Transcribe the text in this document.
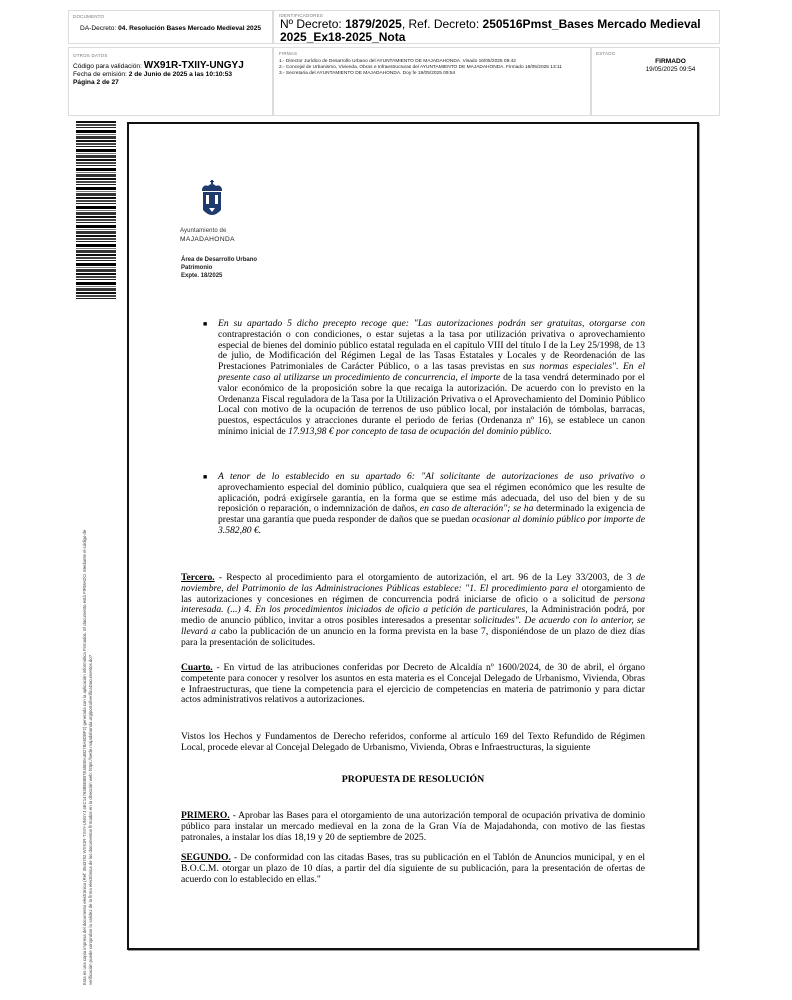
DOCUMENTO
DA-Decreto: 04. Resolución Bases Mercado Medieval 2025
IDENTIFICADORES
Nº Decreto: 1879/2025, Ref. Decreto: 250516Pmst_Bases Mercado Medieval 2025_Ex18-2025_Nota
OTROS DATOS
Código para validación: WX91R-TXIIY-UNGYJ
Fecha de emisión: 2 de Junio de 2025 a las 10:10:53
Página 2 de 27
FIRMAS
1.- Director Jurídico de Desarrollo Urbano del AYUNTAMIENTO DE MAJADAHONDA. Visado 16/05/2025 09:42
2.- Concejal de Urbanismo, Vivienda, Obras e Infraestructuras del AYUNTAMIENTO DE MAJADAHONDA. Firmado 18/05/2025 13:11
3.- Secretaria del AYUNTAMIENTO DE MAJADAHONDA. Doy fe 19/05/2025 09:54
ESTADO
FIRMADO
19/05/2025 09:54
Esta es una copia impresa del documento electrónico (Ref: 3543752 WX91R-TXIIY-UNGYJ 4EC14763B5E8B7E45EBA4B27BA8DBF2) generada con la aplicación informática Firmadoc. El documento está FIRMADO. Mediante el código de verificación puede comprobar la validez de la firma electrónica de los documentos firmados en la dirección web: https://sede.majadahonda.org/portal/verificaDocumentos.do?
Ayuntamiento de
MAJADAHONDA
Área de Desarrollo Urbano
Patrimonio
Expte. 18/2025
■ En su apartado 5 dicho precepto recoge que: "Las autorizaciones podrán ser gratuitas, otorgarse con contraprestación o con condiciones, o estar sujetas a la tasa por utilización privativa o aprovechamiento especial de bienes del dominio público estatal regulada en el capítulo VIII del título I de la Ley 25/1998, de 13 de julio, de Modificación del Régimen Legal de las Tasas Estatales y Locales y de Reordenación de las Prestaciones Patrimoniales de Carácter Público, o a las tasas previstas en sus normas especiales". En el presente caso al utilizarse un procedimiento de concurrencia, el importe de la tasa vendrá determinado por el valor económico de la proposición sobre la que recaiga la autorización. De acuerdo con lo previsto en la Ordenanza Fiscal reguladora de la Tasa por la Utilización Privativa o el Aprovechamiento del Dominio Público Local con motivo de la ocupación de terrenos de uso público local, por instalación de tómbolas, barracas, puestos, espectáculos y atracciones durante el periodo de ferias (Ordenanza nº 16), se establece un canon mínimo inicial de 17.913,98 € por concepto de tasa de ocupación del dominio público.
■ A tenor de lo establecido en su apartado 6: "Al solicitante de autorizaciones de uso privativo o aprovechamiento especial del dominio público, cualquiera que sea el régimen económico que les resulte de aplicación, podrá exigírsele garantía, en la forma que se estime más adecuada, del uso del bien y de su reposición o reparación, o indemnización de daños, en caso de alteración"; se ha determinado la exigencia de prestar una garantía que pueda responder de daños que se puedan ocasionar al dominio público por importe de 3.582,80 €.
Tercero. - Respecto al procedimiento para el otorgamiento de autorización, el art. 96 de la Ley 33/2003, de 3 de noviembre, del Patrimonio de las Administraciones Públicas establece: "1. El procedimiento para el otorgamiento de las autorizaciones y concesiones en régimen de concurrencia podrá iniciarse de oficio o a solicitud de persona interesada. (...) 4. En los procedimientos iniciados de oficio a petición de particulares, la Administración podrá, por medio de anuncio público, invitar a otros posibles interesados a presentar solicitudes". De acuerdo con lo anterior, se llevará a cabo la publicación de un anuncio en la forma prevista en la base 7, disponiéndose de un plazo de diez días para la presentación de solicitudes.
Cuarto. - En virtud de las atribuciones conferidas por Decreto de Alcaldía nº 1600/2024, de 30 de abril, el órgano competente para conocer y resolver los asuntos en esta materia es el Concejal Delegado de Urbanismo, Vivienda, Obras e Infraestructuras, que tiene la competencia para el ejercicio de competencias en materia de patrimonio y para dictar actos administrativos relativos a autorizaciones.
Vistos los Hechos y Fundamentos de Derecho referidos, conforme al artículo 169 del Texto Refundido de Régimen Local, procede elevar al Concejal Delegado de Urbanismo, Vivienda, Obras e Infraestructuras, la siguiente
PROPUESTA DE RESOLUCIÓN
PRIMERO. - Aprobar las Bases para el otorgamiento de una autorización temporal de ocupación privativa de dominio público para instalar un mercado medieval en la zona de la Gran Vía de Majadahonda, con motivo de las fiestas patronales, a instalar los días 18,19 y 20 de septiembre de 2025.
SEGUNDO. - De conformidad con las citadas Bases, tras su publicación en el Tablón de Anuncios municipal, y en el B.O.C.M. otorgar un plazo de 10 días, a partir del día siguiente de su publicación, para la presentación de ofertas de acuerdo con lo establecido en ellas."
